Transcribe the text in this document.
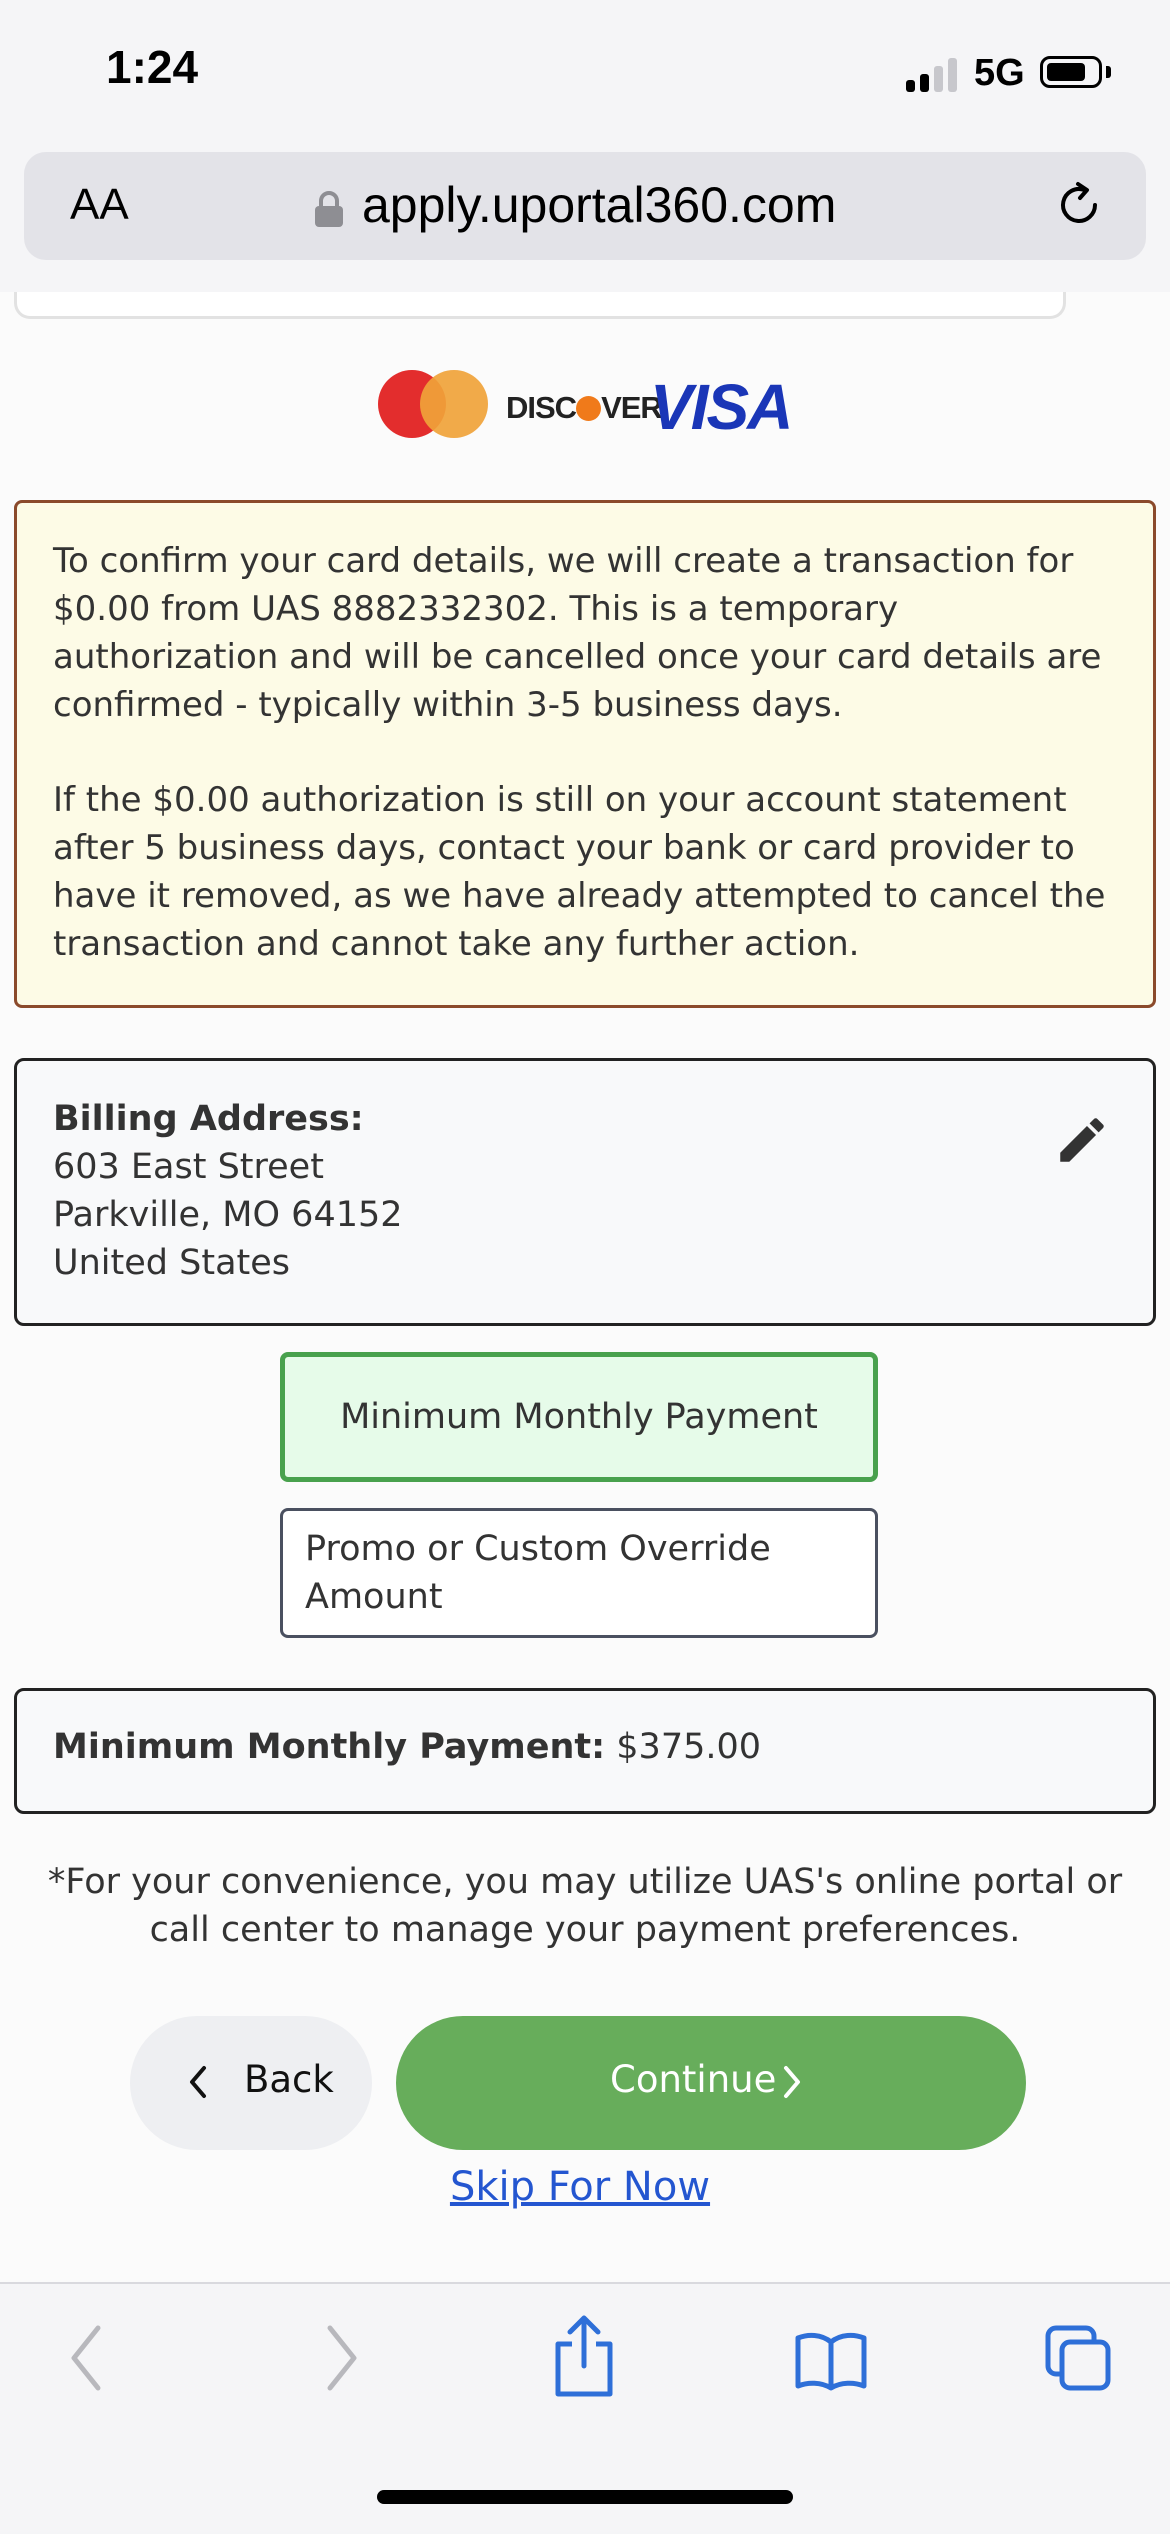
1:24	5G
AA	apply.uportal360.com
DISC VER
VISA

To confirm your card details, we will create a transaction for $0.00 from UAS 8882332302. This is a temporary authorization and will be cancelled once your card details are confirmed - typically within 3-5 business days.

If the $0.00 authorization is still on your account statement after 5 business days, contact your bank or card provider to have it removed, as we have already attempted to cancel the transaction and cannot take any further action.

Billing Address:
603 East Street
Parkville, MO 64152
United States
Minimum Monthly Payment
Promo or Custom Override Amount
Minimum Monthly Payment: $375.00
*For your convenience, you may utilize UAS's online portal or call center to manage your payment preferences.
Back	Continue
Skip For Now
